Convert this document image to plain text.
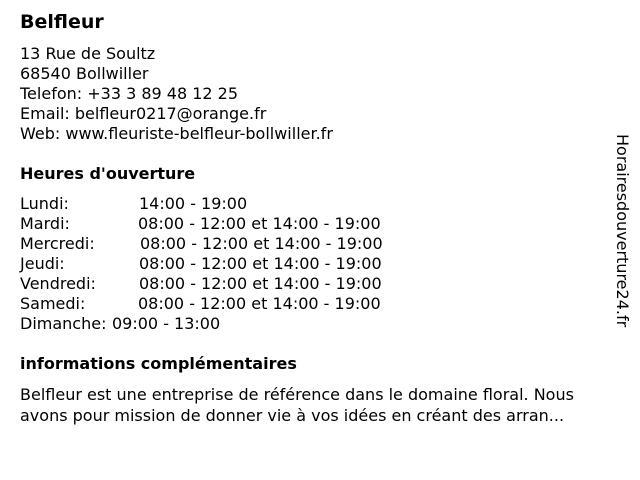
Belfleur
13 Rue de Soultz
68540 Bollwiller
Telefon: +33 3 89 48 12 25
Email: belfleur0217@orange.fr
Web: www.fleuriste-belfleur-bollwiller.fr
Heures d'ouverture
Lundi:	14:00 - 19:00
Mardi:	08:00 - 12:00 et 14:00 - 19:00
Mercredi:	08:00 - 12:00 et 14:00 - 19:00
Jeudi:	08:00 - 12:00 et 14:00 - 19:00
Vendredi:	08:00 - 12:00 et 14:00 - 19:00
Samedi:	08:00 - 12:00 et 14:00 - 19:00
Dimanche: 09:00 - 13:00
informations complémentaires
Belfleur est une entreprise de référence dans le domaine floral. Nous avons pour mission de donner vie à vos idées en créant des arran...
Horairesdouverture24.fr
